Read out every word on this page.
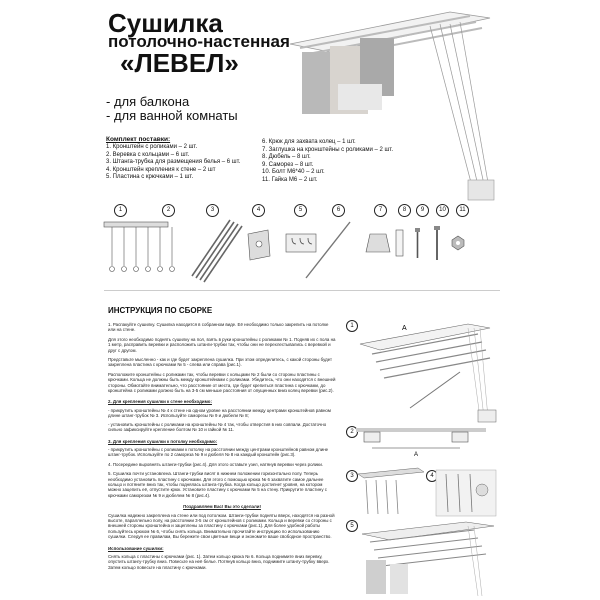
Сушилка
потолочно-настенная
«ЛЕВЕЛ»
- для балкона
- для ванной комнаты
Комплект поставки:
1. Кронштейн с роликами – 2 шт.
2. Веревка с кольцами – 6 шт.
3. Штанга-трубка для размещения белья – 6 шт.
4. Кронштейн крепления к стене – 2 шт
5. Пластина с крючками – 1 шт.
6. Крюк для захвата колец – 1 шт.
7. Заглушка на кронштейны с роликами – 2 шт.
8. Дюбель – 8 шт.
9. Саморез – 8 шт.
10. Болт М6*40 – 2 шт.
11. Гайка М6 – 2 шт.
1	2	3	4	5	6	7	8	9	10	11
ИНСТРУКЦИЯ ПО СБОРКЕ
1. Распакуйте сушилку. Сушилка находится в собранном виде. Её необходимо только закрепить на потолке или на стене.
Для этого необходимо поднять сушилку на пол, взять в руки кронштейны с роликами № 1. Подняв их с пола на 1 метр, расправить веревки и расположить штанги-трубки так, чтобы они не перехлестывались с веревкой и друг с другом.
Представьте мысленно - как и где будет закреплена сушилка. При этом определитесь, с какой стороны будет закреплена пластина с крючками № 5 - слева или справа (рис.1).
Расположите кронштейны с роликами так, чтобы веревки с кольцами № 2 были со стороны пластины с крючками. Кольца не должны быть между кронштейнами с роликами. Убедитесь, что они находятся с внешней стороны. Обмотайте внимательно, что расстояние от места, где будет крепиться пластина с крючками, до кронштейна с роликами должно быть на 3-5 см меньше расстояния от опущенных вниз колец веревки (рис.2).
2. Для крепления сушилки к стене необходимо:
- прикрутить кронштейны № 4 к стене на одном уровне на расстоянии между центрами кронштейнов равном длине штанг-трубок № 3. Используйте саморезы № 9 и дюбели № 8;
- установить кронштейны с роликами на кронштейны № 4 так, чтобы отверстия в них совпали. Достаточно сильно зафиксируйте крепление болтом № 10 и гайкой № 11.
3. Для крепления сушилки к потолку необходимо:
- прикрутить кронштейны с роликами к потолку на расстоянии между центрами кронштейнов равном длине штанг-трубок. Используйте по 2 самореза № 9 и дюбеля № 8 на каждый кронштейн (рис.3).
4. Посередине выровнять штанги-трубки (рис.4). Для этого оставьте узел, натянув веревки через ролики.
5. Сушилка почти установлена. Штанги-трубки висят в нижнем положении горизонтально полу. Теперь необходимо установить пластину с крючками. Для этого с помощью крюка № 6 захватите самое дальнее кольцо и потяните вниз так, чтобы поднялась штанга-трубка. Когда кольцо достигнет уровня, на котором можно зацепить её, отпустите крюк. Установите пластину с крючками № 5 на стену. Прикрутите пластину с крючками саморезом № 9 и дюбелем № 8 (рис.4).
Поздравляем Вас! Вы это сделали!
Сушилка надежно закреплена на стене или под потолком. Штанги-трубки подняты вверх, находятся на разной высоте, параллельно полу, на расстоянии 3-5 см от кронштейнов с роликами. Кольца и веревки со стороны с внешней стороны кронштейна и зацеплены за пластину с крючками (рис.1). Для более удобной работы пользуйтесь крюком № 6, чтобы снять кольца. Внимательно прочитайте инструкцию по использованию сушилки. Следуя ее правилам, Вы бережете свои цветные вещи и экономите ваше свободное пространство.
Использование сушилки:
Снять кольца с пластины с крючками (рис. 1). Затем кольцо крюка № 6. Кольца поднимите вниз веревку, опустить штангу-трубку вниз. Повесьте на неё белье. Потянув кольцо вниз, поднимите штангу-трубку вверх. Затем кольцо повесьте на пластину с крючками.
1	A
2
A
3	4
5
